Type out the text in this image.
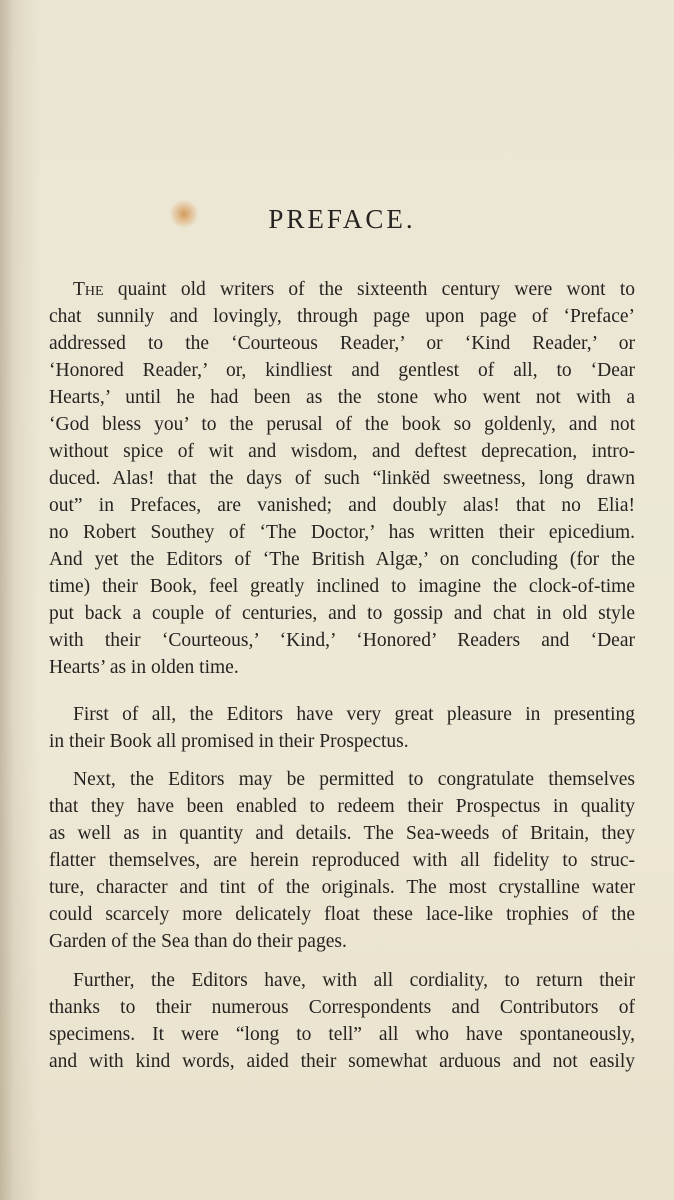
PREFACE.

The quaint old writers of the sixteenth century were wont to
chat sunnily and lovingly, through page upon page of ‘Preface’
addressed to the ‘Courteous Reader,’ or ‘Kind Reader,’ or
‘Honored Reader,’ or, kindliest and gentlest of all, to ‘Dear
Hearts,’ until he had been as the stone who went not with a
‘God bless you’ to the perusal of the book so goldenly, and not
without spice of wit and wisdom, and deftest deprecation, intro-
duced. Alas! that the days of such “linkëd sweetness, long drawn
out” in Prefaces, are vanished; and doubly alas! that no Elia!
no Robert Southey of ‘The Doctor,’ has written their epicedium.
And yet the Editors of ‘The British Algæ,’ on concluding (for the
time) their Book, feel greatly inclined to imagine the clock-of-time
put back a couple of centuries, and to gossip and chat in old style
with their ‘Courteous,’ ‘Kind,’ ‘Honored’ Readers and ‘Dear
Hearts’ as in olden time.

First of all, the Editors have very great pleasure in presenting
in their Book all promised in their Prospectus.

Next, the Editors may be permitted to congratulate themselves
that they have been enabled to redeem their Prospectus in quality
as well as in quantity and details. The Sea-weeds of Britain, they
flatter themselves, are herein reproduced with all fidelity to struc-
ture, character and tint of the originals. The most crystalline water
could scarcely more delicately float these lace-like trophies of the
Garden of the Sea than do their pages.

Further, the Editors have, with all cordiality, to return their
thanks to their numerous Correspondents and Contributors of
specimens. It were “long to tell” all who have spontaneously,
and with kind words, aided their somewhat arduous and not easily
